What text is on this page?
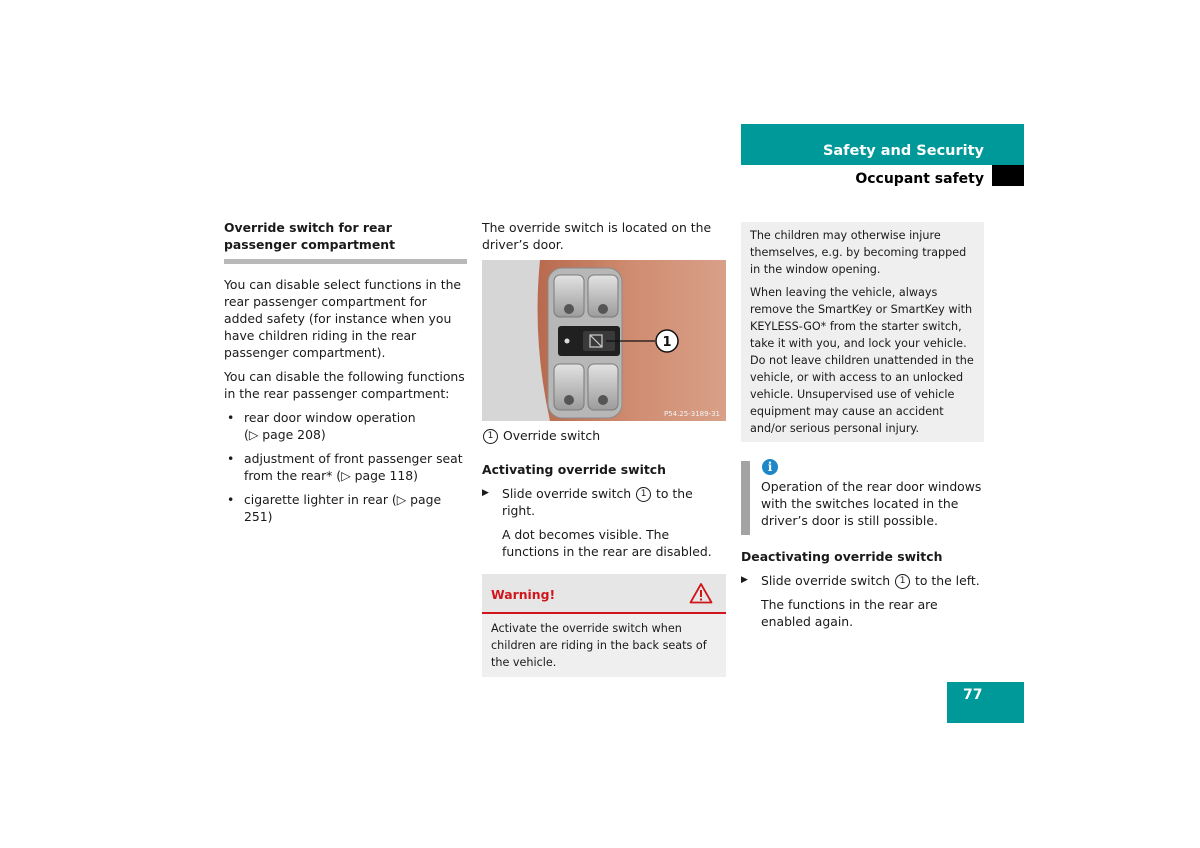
Safety and Security
Occupant safety
Override switch for rear passenger compartment

You can disable select functions in the rear passenger compartment for added safety (for instance when you have children riding in the rear passenger compartment).

You can disable the following functions in the rear passenger compartment:

• rear door window operation
(▷ page 208)
• adjustment of front passenger seat
from the rear* (▷ page 118)
• cigarette lighter in rear (▷ page 251)

The override switch is located on the driver’s door.

1
P54.25-3189-31

1 Override switch

Activating override switch

▶ Slide override switch 1 to the right.

A dot becomes visible. The functions in the rear are disabled.

Warning!
Activate the override switch when children are riding in the back seats of the vehicle.

The children may otherwise injure themselves, e.g. by becoming trapped in the window opening.

When leaving the vehicle, always remove the SmartKey or SmartKey with KEYLESS-GO* from the starter switch, take it with you, and lock your vehicle. Do not leave children unattended in the vehicle, or with access to an unlocked vehicle. Unsupervised use of vehicle equipment may cause an accident and/or serious personal injury.

i

Operation of the rear door windows with the switches located in the driver’s door is still possible.

Deactivating override switch

▶ Slide override switch 1 to the left.

The functions in the rear are enabled again.

77
